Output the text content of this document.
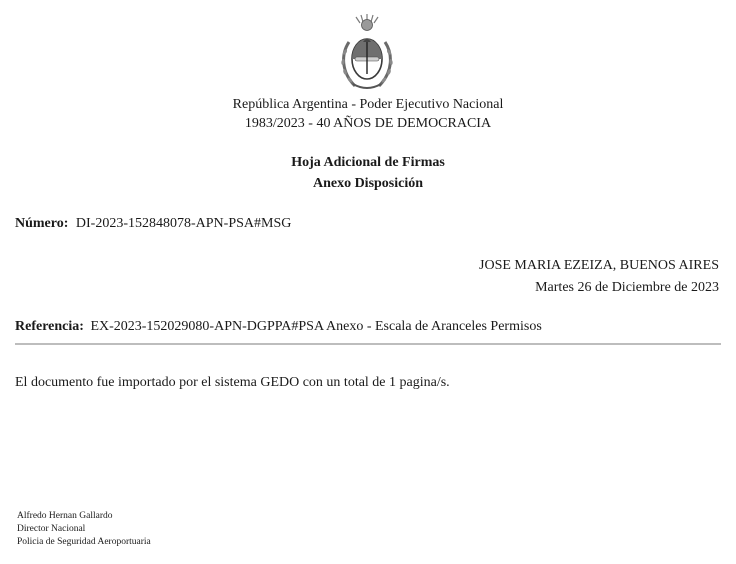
República Argentina - Poder Ejecutivo Nacional
1983/2023 - 40 AÑOS DE DEMOCRACIA
Hoja Adicional de Firmas
Anexo Disposición
Número: DI-2023-152848078-APN-PSA#MSG
JOSE MARIA EZEIZA, BUENOS AIRES
Martes 26 de Diciembre de 2023
Referencia: EX-2023-152029080-APN-DGPPA#PSA Anexo - Escala de Aranceles Permisos
El documento fue importado por el sistema GEDO con un total de 1 pagina/s.
Alfredo Hernan Gallardo
Director Nacional
Policia de Seguridad Aeroportuaria
